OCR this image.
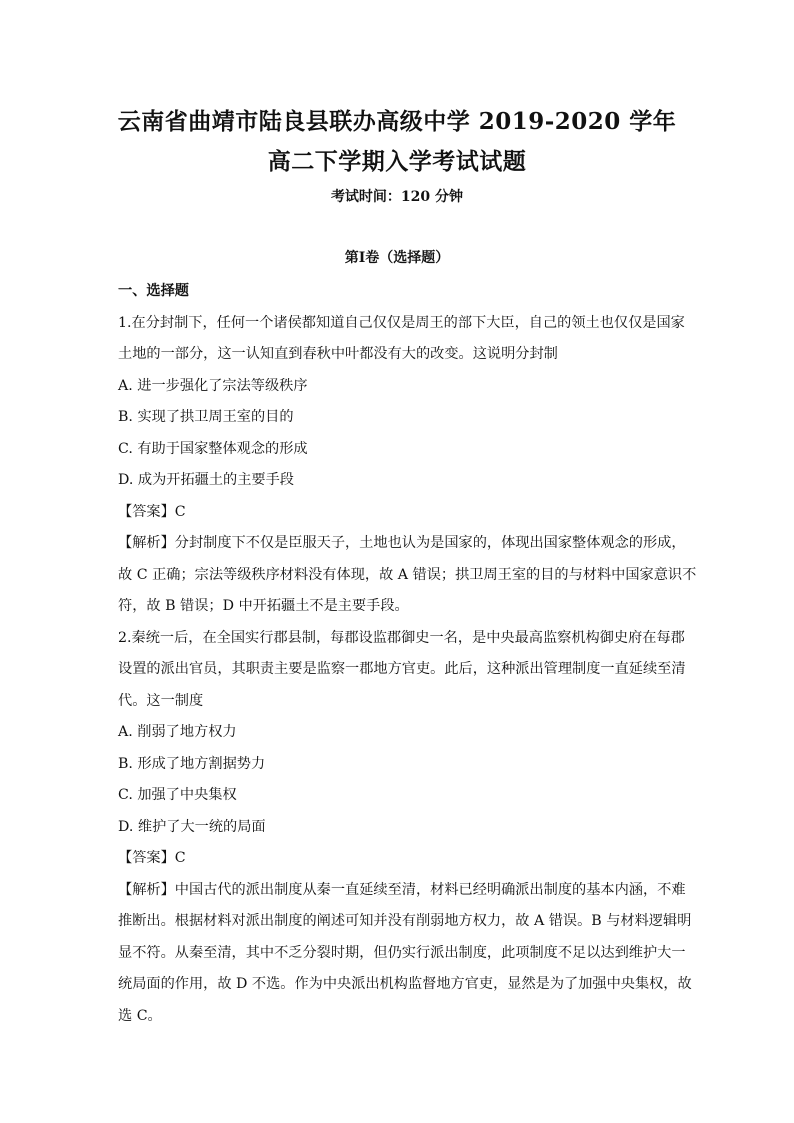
云南省曲靖市陆良县联办高级中学 2019-2020 学年
高二下学期入学考试试题
考试时间：120 分钟
第Ⅰ卷（选择题）
一、选择题
1.在分封制下，任何一个诸侯都知道自己仅仅是周王的部下大臣，自己的领土也仅仅是国家
土地的一部分，这一认知直到春秋中叶都没有大的改变。这说明分封制
A. 进一步强化了宗法等级秩序
B. 实现了拱卫周王室的目的
C. 有助于国家整体观念的形成
D. 成为开拓疆土的主要手段
【答案】C
【解析】分封制度下不仅是臣服天子，土地也认为是国家的，体现出国家整体观念的形成，
故 C 正确；宗法等级秩序材料没有体现，故 A 错误；拱卫周王室的目的与材料中国家意识不
符，故 B 错误；D 中开拓疆土不是主要手段。
2.秦统一后，在全国实行郡县制，每郡设监郡御史一名，是中央最高监察机构御史府在每郡
设置的派出官员，其职责主要是监察一郡地方官吏。此后，这种派出管理制度一直延续至清
代。这一制度
A. 削弱了地方权力
B. 形成了地方割据势力
C. 加强了中央集权
D. 维护了大一统的局面
【答案】C
【解析】中国古代的派出制度从秦一直延续至清，材料已经明确派出制度的基本内涵，不难
推断出。根据材料对派出制度的阐述可知并没有削弱地方权力，故 A 错误。B 与材料逻辑明
显不符。从秦至清，其中不乏分裂时期，但仍实行派出制度，此项制度不足以达到维护大一
统局面的作用，故 D 不选。作为中央派出机构监督地方官吏，显然是为了加强中央集权，故
选 C。
